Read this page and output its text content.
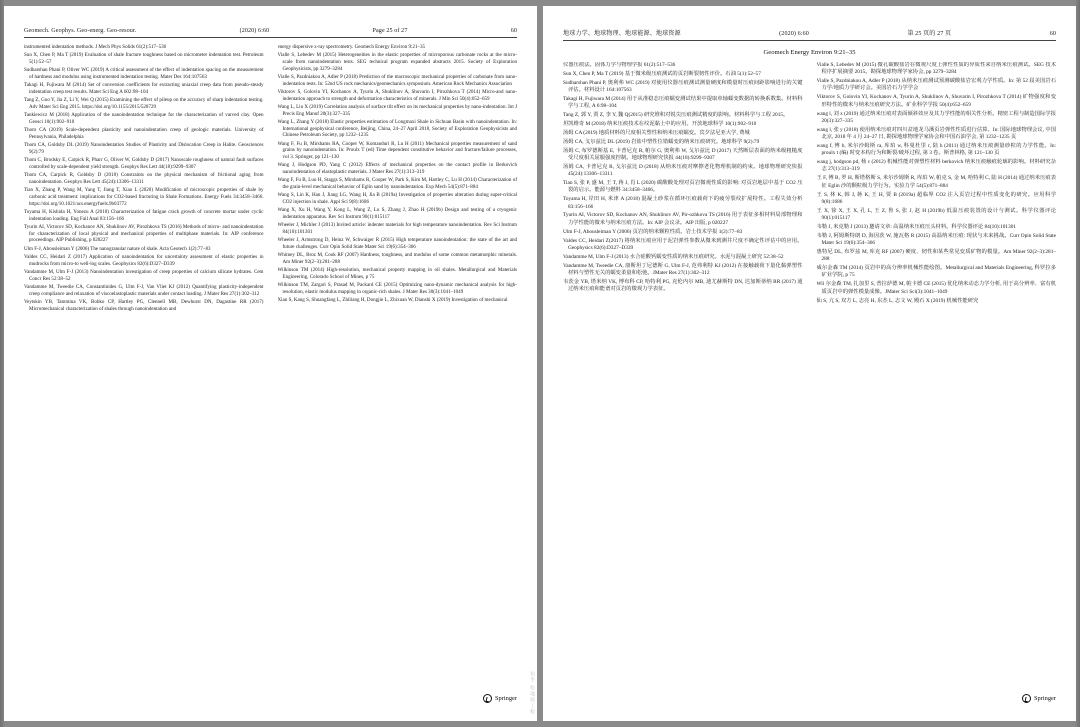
Geomech. Geophys. Geo-energ. Geo-resour.	(2020) 6:60	Page 25 of 27	60
instrumented indentation methods. J Mech Phys Solids 61(2):517–536
Sun X, Chen P, Ma T (2019) Evaluation of shale fracture toughness based on micrometer indentation test. Petroleum 5(1):52–57
Sudharshan Phani P, Oliver WC (2019) A critical assessment of the effect of indentation spacing on the measurement of hardness and modulus using instrumented indentation testing. Mater Des 164:107563
Takagi H, Fujiwara M (2014) Set of conversion coefficients for extracting uniaxial creep data from pseudo-steady indentation creep test results. Mater Sci Eng A 602:98–104
Tang Z, Guo Y, Jia Z, Li Y, Wei Q (2015) Examining the effect of pileup on the accuracy of sharp indentation testing. Adv Mater Sci Eng 2015. https://doi.org/10.1155/2015/528729
Tankiewicz M (2018) Application of the nanoindentation technique for the characterization of varved clay. Open Geosci 10(1):902–910
Thom CA (2019) Scale-dependent plasticity and nanoindentation creep of geologic materials. University of Pennsylvania, Philadelphia
Thom CA, Goldsby DL (2019) Nanoindentation Studies of Plasticity and Dislocation Creep in Halite. Geosciences 9(2):79
Thom C, Brodsky E, Carpick R, Pharr G, Oliver W, Goldsby D (2017) Nanoscale roughness of natural fault surfaces controlled by scale-dependent yield strength. Geophys Res Lett 44(18):9299–9307
Thom CA, Carpick R, Goldsby D (2018) Constraints on the physical mechanism of frictional aging from nanoindentation. Geophys Res Lett 45(24):13306–13311
Tian X, Zhang P, Wang M, Yang T, Jiang T, Xiao L (2020) Modification of microscopic properties of shale by carbonic acid treatment: implications for CO2-based fracturing in Shale Formations. Energy Fuels 34:3458–3466. https://doi.org/10.1021/acs.energyfuels.9b03772
Toyama H, Kishida H, Yonezu A (2018) Characterization of fatigue crack growth of concrete mortar under cyclic indentation loading. Eng Fail Anal 83:156–166
Tyurin AI, Victorov SD, Kochanov AN, Shuklinov AV, Pirozhkova TS (2016) Methods of micro- and nanoindentation for characterization of local physical and mechanical properties of multiphase materials. In: AIP conference proceedings. AIP Publishing, p 020227
Ulm F-J, Abousleiman Y (2006) The nanogranular nature of shale. Acta Geotech 1(2):77–83
Valdes CC, Heidari Z (2017) Application of nanoindentation for uncertainty assessment of elastic properties in mudrocks from micro-to well-log scales. Geophysics 82(6):D327–D339
Vandamme M, Ulm F-J (2013) Nanoindentation investigation of creep properties of calcium silicate hydrates. Cem Concr Res 52:38–52
Vandamme M, Tweedie CA, Constantinides G, Ulm F-J, Van Vliet KJ (2012) Quantifying plasticity-independent creep compliance and relaxation of viscoelastoplastic materials under contact loading. J Mater Res 27(1):302–312
Veytskin YB, Tammina VK, Bobko CP, Hartley PG, Clennell MB, Dewhurst DN, Dagastine RR (2017) Micromechanical characterization of shales through nanoindentation and
energy dispersive x-ray spectrometry. Geomech Energy Environ 9:21–35
Vialle S, Lebedev M (2015) Heterogeneities in the elastic properties of microporous carbonate rocks at the micro-scale from nanoindentation tests. SEG technical program expanded abstracts 2015. Society of Exploration Geophysicists, pp 3279–3284
Vialle S, Pazdniakou A, Adler P (2018) Prediction of the macroscopic mechanical properties of carbonate from nano-indentation tests. In: 52nd US rock mechanics/geomechanics symposium. American Rock Mechanics Association
Viktorov S, Golovin YI, Kochanov A, Tyurin A, Shuklinov A, Shuvarin I, Pirozhkova T (2014) Micro-and nano-indentation approach to strength and deformation characteristics of minerals. J Min Sci 50(4):652–659
Wang L, Liu X (2019) Correlation analysis of surface tilt effect on its mechanical properties by nano-indentation. Int J Precis Eng Manuf 20(3):327–335
Wang L, Zhang Y (2018) Elastic properties estimation of Longmaxi Shale in Sichuan Basin with nanoindentation. In: International geophysical conference, Beijing, China, 24–27 April 2018, Society of Exploration Geophysicists and Chinese Petroleum Society, pp 1232–1235
Wang F, Fu B, Mirshams RA, Cooper W, Komanduri R, Lu H (2011) Mechanical properties measurement of sand grains by nanoindentation. In: Proulx T (ed) Time dependent constitutive behavior and fracture/failure processes, vol 3. Springer, pp 121–130
Wang J, Hodgson PD, Yang C (2012) Effects of mechanical properties on the contact profile in Berkovich nanoindentation of elastoplastic materials. J Mater Res 27(1):313–319
Wang F, Fu B, Luo H, Staggs S, Mirshams R, Cooper W, Park S, Kim M, Hartley C, Lu H (2014) Characterization of the grain-level mechanical behavior of Eglin sand by nanoindentation. Exp Mech 54(5):871–884
Wang S, Lin K, Han J, Jiang LG, Wang H, Jia B (2019a) Investigation of properties alteration during super-critical CO2 injection in shale. Appl Sci 9(8):1686
Wang X, Xu H, Wang Y, Kong L, Wang Z, Lu S, Zhang J, Zhao H (2019b) Design and testing of a cryogenic indentation apparatus. Rev Sci Instrum 90(1):015117
Wheeler J, Michler J (2013) Invited article: indenter materials for high temperature nanoindentation. Rev Sci Instrum 84(10):101301
Wheeler J, Armstrong D, Heinz W, Schwaiger R (2015) High temperature nanoindentation: the state of the art and future challenges. Curr Opin Solid State Mater Sci 19(6):354–366
Whitney DL, Broz M, Cook RF (2007) Hardness, toughness, and modulus of some common metamorphic minerals. Am Miner 92(2–3):281–288
Wilkinson TM (2014) High-resolution, mechanical property mapping in oil shales. Metallurgical and Materials Engineering, Colorado School of Mines, p 75
Wilkinson TM, Zargari S, Prasad M, Packard CE (2015) Optimizing nano-dynamic mechanical analysis for high-resolution, elastic modulus mapping in organic-rich shales. J Mater Res 30(3):1041–1049
Xian S, Kang S, Shuangfang L, Zhiliang H, Dongjie L, Zhixuan W, Dianshi X (2019) Investigation of mechanical
Springer 知乎 @地质工程
地球力学、地球物理、地球能源、地球资源	(2020) 6:60	第 25 页的 27 页	60
Geomech Energy Environ 9:21–35
仪器压痕法。固体力学与物理学报 61(2):517–536
Sun X, Chen P, Ma T (2019) 基于微米级压痕测试的页岩断裂韧性评价。石油 5(1):52–57
Sudharshan Phani P, 奥利弗 WC (2019) 对使用仪器压痕测试测量硬度和模量时压痕间距影响进行的关键评估。材料设计 164:107563
Takagi H, Fujiwara M (2014) 用于从准稳态压痕蠕变测试结果中提取单轴蠕变数据的转换系数集。材料科学与工程, A 6:98–104
Tang Z, 郭 Y, 贾 Z, 李 Y, 魏 Q(2015) 研究堆积对锐尖压痕测试精度的影响。材料科学与工程 2015。
坦凯维奇 M (2018) 纳米压痕技术在纹泥黏土中的应用。开放地球科学 10(1):902–910
汤姆 CA (2019) 地质材料的尺度相关塑性和纳米压痕蠕变。宾夕法尼亚大学, 费城
汤姆 CA, 戈尔兹比 DL (2019) 岩盐中塑性位错蠕变的纳米压痕研究。地球科学 9(2):79
汤姆 C, 布罗德斯基 E, 卡普尼克 R, 帕尔 G, 奥利弗 W, 戈尔兹比 D (2017) 天然断层表面的纳米级粗糙度受尺度相关屈服强度控制。地球物理研究快报 44(18):9299–9307
汤姆 CA, 卡普尼克 R, 戈尔兹比 D (2018) 从纳米压痕对摩擦老化物理机制的约束。地球物理研究快报 45(24):13306–13311
Tian S, 张 P, 盛 M, 王 T, 蒋 J, 肖 L (2020) 碳酸酸处理对页岩微观性质的影响: 对页岩地层中基于 CO2 压裂的启示。能源与燃料 34:3458–3466。
Toyama H, 岸田 H, 米津 A (2018) 混凝土砂浆在循环压痕载荷下的疲劳裂纹扩展特性。工程失效分析 83:156–166
Tyurin AI, Victorov SD, Kochanov AN, Shuklinov AV, Pir-ozhkova TS (2016) 用于表征多相材料局部物理和力学性能的微米与纳米压痕方法。In: AIP 会议录。AIP 出版, p 020227
Ulm F-J, Abousleiman Y (2006) 页岩的纳米颗粒性质。岩土技术学报 1(2):77–83
Valdes CC, Heidari Z(2017) 将纳米压痕应用于泥岩弹性参数从微米到测井尺度不确定性评估中的应用。Geophysics 82(6):D327–D339
Vandamme M, Ulm F-J (2013) 水合硅酸钙蠕变性质的纳米压痕研究。水泥与混凝土研究 52:38–52
Vandamme M, Tweedie CA, 康斯坦丁尼德斯 G, Ulm F-J, 范弗利特 KJ (2012) 在接触载荷下量化黏弹塑性材料与塑性无关的蠕变柔量和松弛。JMater Res 27(1):302–312
韦茨金 YB, 塔米纳 VK, 博布科 CP, 哈特利 PG, 克伦内尔 MB, 迪尤赫斯特 DN, 达加斯蒂纳 RR (2017) 通过纳米压痕和能谱对页岩的微观力学表征。
Vialle S, Lebedev M (2015) 微孔碳酸盐岩在微观尺度上弹性性质的异质性来自纳米压痕测试。SEG 技术程序扩展摘要 2015。勘探地球物理学家协会, pp 3279–3284
Vialle S, Pazdniakou A, Adler P (2018) 从纳米压痕测试预测碳酸盐岩宏观力学性质。In: 第 52 届美国岩石力学/地质力学研讨会。美国岩石力学学会
Viktorov S, Golovin YI, Kochanov A, Tyurin A, Shuklinov A, Shuvarin I, Pirozhkova T (2014) 矿物强度和变形特性的微米与纳米压痕研究方法。矿业科学学报 50(4):652–659
wang l, 刘 x (2019) 通过纳米压痕对表面倾斜效应及其力学性能的相关性分析。精密工程与制造国际学报 20(3):327–335
wang l, 张 y (2018) 使用纳米压痕对四川盆地龙马溪页岩弹性性质进行估算。In: 国际地球物理会议, 中国北京, 2018 年 4 月 24–27 日, 勘探地球物理学家协会和中国石油学会, 第 1232–1235 页
wang f, 傅 b, 米尔沙姆斯 ra, 库珀 w, 科曼杜里 r, 陆 h (2011) 通过纳米压痕测量砂粒的力学性能。In: proulx t (编) 时变本构行为和断裂/破坏过程, 第 3 卷。斯普林格, 第 121–130 页
wang j, hodgson pd, 杨 c (2012) 机械性能对弹塑性材料 berkovich 纳米压痕触痕轮廓的影响。材料研究杂志 27(1):313–319
王 F, 傅 B, 罗 H, 斯塔格斯 S, 米尔沙姆斯 R, 库珀 W, 帕克 S, 金 M, 哈特利 C, 陆 H (2014) 通过纳米压痕表征 Eglin 沙的颗粒级力学行为。实验力学 54(5):871–884
王 S, 林 K, 韩 J, 蒋 K, 王 H, 贾 B (2019a) 超临界 CO2 注入页岩过程中性质变化的研究。应用科学 9(8):1686
王 X, 徐 X, 王 X, 孔 L, 王 Z, 鲁 S, 张 J, 赵 H (2019b) 低温压痕装置的设计与测试。科学仪器评论 90(1):015117
韦勒 J, 米克勒 J (2013) 邀请文章: 高温纳米压痕压头材料。科学仪器评论 84(10):101301
韦勒 J, 阿姆斯特朗 D, 海因茨 W, 施瓦格 R (2015) 高温纳米压痕: 现状与未来挑战。Curr Opin Solid State Mater Sci 19(6):354–366
惠特尼 DL, 布罗兹 M, 库克 RF (2007) 硬度、韧性和某些常见变质矿物的模量。Am Miner 92(2–3):281–288
威尔金森 TM (2014) 页岩中的高分辨率机械性能绘图。Metallurgical and Materials Engineering, 科罗拉多矿业学院, p 75
Wil 尔金森 TM, 扎加里 S, 普拉萨德 M, 帕卡德 CE (2015) 优化纳米动态力学分析, 用于高分辨率、富有机质页岩中的弹性模量成像。JMater Sci Sci(3):1041–1049
仙 S, 亢 S, 双方 L, 志亮 H, 东杰 L, 志文 W, 殿石 X (2019) 机械性能研究
Springer
